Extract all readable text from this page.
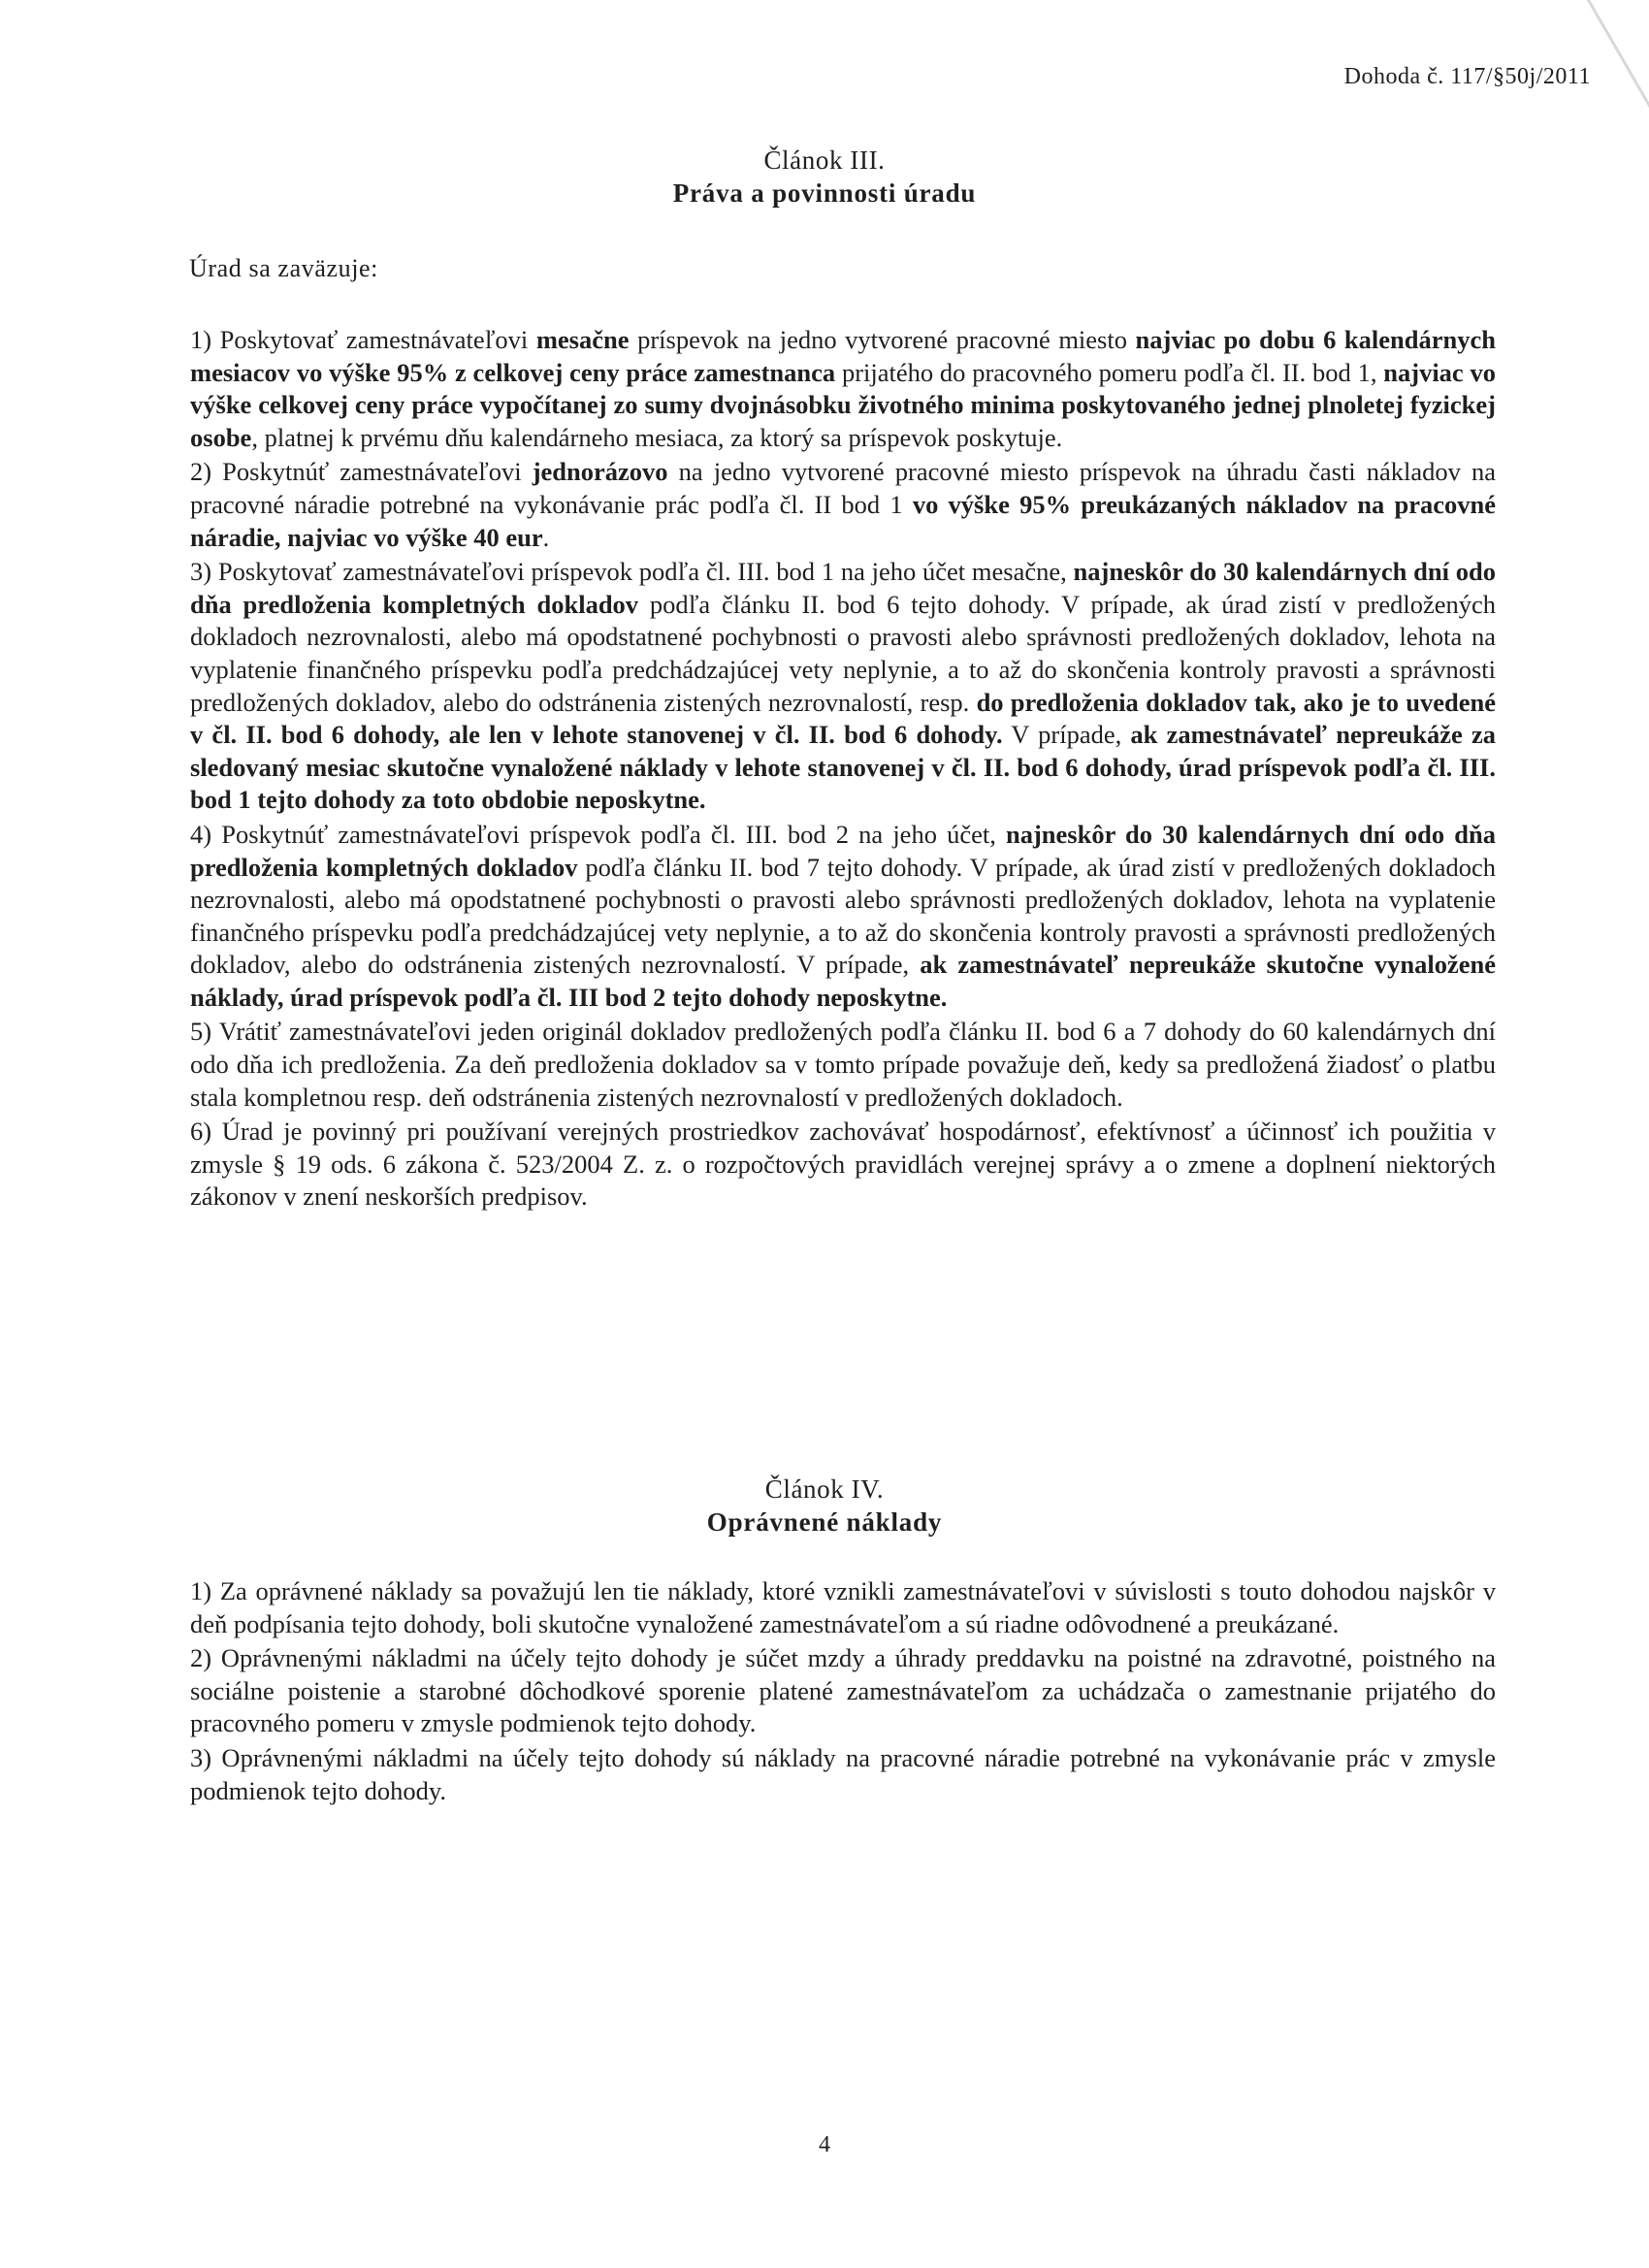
Dohoda č. 117/§50j/2011
Článok III.
Práva a povinnosti úradu
Úrad sa zaväzuje:

1) Poskytovať zamestnávateľovi mesačne príspevok na jedno vytvorené pracovné miesto najviac po dobu 6 kalendárnych mesiacov vo výške 95% z celkovej ceny práce zamestnanca prijatého do pracovného pomeru podľa čl. II. bod 1, najviac vo výške celkovej ceny práce vypočítanej zo sumy dvojnásobku životného minima poskytovaného jednej plnoletej fyzickej osobe, platnej k prvému dňu kalendárneho mesiaca, za ktorý sa príspevok poskytuje.

2) Poskytnúť zamestnávateľovi jednorázovo na jedno vytvorené pracovné miesto príspevok na úhradu časti nákladov na pracovné náradie potrebné na vykonávanie prác podľa čl. II bod 1 vo výške 95% preukázaných nákladov na pracovné náradie, najviac vo výške 40 eur.

3) Poskytovať zamestnávateľovi príspevok podľa čl. III. bod 1 na jeho účet mesačne, najneskôr do 30 kalendárnych dní odo dňa predloženia kompletných dokladov podľa článku II. bod 6 tejto dohody. V prípade, ak úrad zistí v predložených dokladoch nezrovnalosti, alebo má opodstatnené pochybnosti o pravosti alebo správnosti predložených dokladov, lehota na vyplatenie finančného príspevku podľa predchádzajúcej vety neplynie, a to až do skončenia kontroly pravosti a správnosti predložených dokladov, alebo do odstránenia zistených nezrovnalostí, resp. do predloženia dokladov tak, ako je to uvedené v čl. II. bod 6 dohody, ale len v lehote stanovenej v čl. II. bod 6 dohody. V prípade, ak zamestnávateľ nepreukáže za sledovaný mesiac skutočne vynaložené náklady v lehote stanovenej v čl. II. bod 6 dohody, úrad príspevok podľa čl. III. bod 1 tejto dohody za toto obdobie neposkytne.

4) Poskytnúť zamestnávateľovi príspevok podľa čl. III. bod 2 na jeho účet, najneskôr do 30 kalendárnych dní odo dňa predloženia kompletných dokladov podľa článku II. bod 7 tejto dohody. V prípade, ak úrad zistí v predložených dokladoch nezrovnalosti, alebo má opodstatnené pochybnosti o pravosti alebo správnosti predložených dokladov, lehota na vyplatenie finančného príspevku podľa predchádzajúcej vety neplynie, a to až do skončenia kontroly pravosti a správnosti predložených dokladov, alebo do odstránenia zistených nezrovnalostí. V prípade, ak zamestnávateľ nepreukáže skutočne vynaložené náklady, úrad príspevok podľa čl. III bod 2 tejto dohody neposkytne.

5) Vrátiť zamestnávateľovi jeden originál dokladov predložených podľa článku II. bod 6 a 7 dohody do 60 kalendárnych dní odo dňa ich predloženia. Za deň predloženia dokladov sa v tomto prípade považuje deň, kedy sa predložená žiadosť o platbu stala kompletnou resp. deň odstránenia zistených nezrovnalostí v predložených dokladoch.

6) Úrad je povinný pri používaní verejných prostriedkov zachovávať hospodárnosť, efektívnosť a účinnosť ich použitia v zmysle § 19 ods. 6 zákona č. 523/2004 Z. z. o rozpočtových pravidlách verejnej správy a o zmene a doplnení niektorých zákonov v znení neskorších predpisov.

Článok IV.
Oprávnené náklady

1) Za oprávnené náklady sa považujú len tie náklady, ktoré vznikli zamestnávateľovi v súvislosti s touto dohodou najskôr v deň podpísania tejto dohody, boli skutočne vynaložené zamestnávateľom a sú riadne odôvodnené a preukázané.

2) Oprávnenými nákladmi na účely tejto dohody je súčet mzdy a úhrady preddavku na poistné na zdravotné, poistného na sociálne poistenie a starobné dôchodkové sporenie platené zamestnávateľom za uchádzača o zamestnanie prijatého do pracovného pomeru v zmysle podmienok tejto dohody.

3) Oprávnenými nákladmi na účely tejto dohody sú náklady na pracovné náradie potrebné na vykonávanie prác v zmysle podmienok tejto dohody.

4
